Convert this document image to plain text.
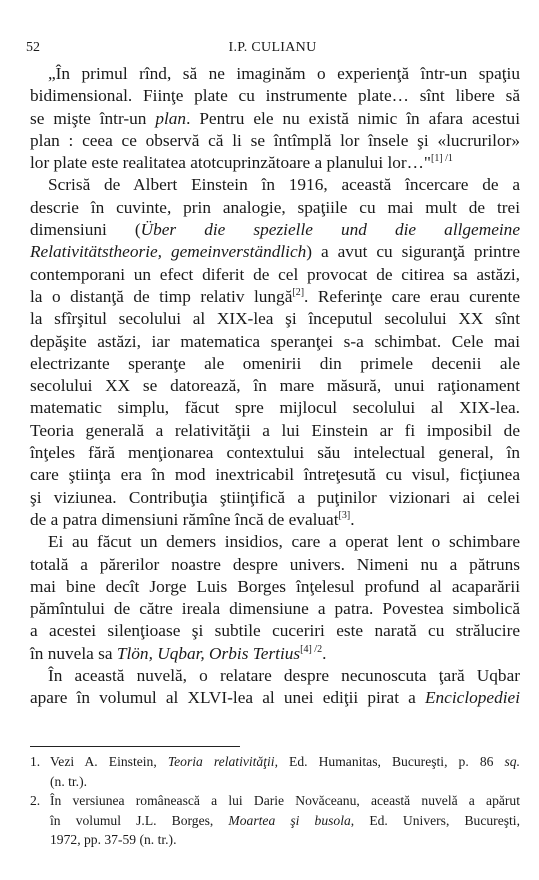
52	I.P. CULIANU
„În primul rînd, să ne imaginăm o experienţă într-un spaţiu
bidimensional. Fiinţe plate cu instrumente plate… sînt libere să
se mişte într-un plan. Pentru ele nu există nimic în afara acestui
plan : ceea ce observă că li se întîmplă lor însele şi «lucrurilor»
lor plate este realitatea atotcuprinzătoare a planului lor…"$^{[1] /1}$
Scrisă de Albert Einstein în 1916, această încercare de a
descrie în cuvinte, prin analogie, spaţiile cu mai mult de trei
dimensiuni (Über die spezielle und die allgemeine
Relativitätstheorie, gemeinverständlich) a avut cu siguranţă printre
contemporani un efect diferit de cel provocat de citirea sa astăzi,
la o distanţă de timp relativ lungă[2]. Referinţe care erau curente
la sfîrşitul secolului al XIX-lea şi începutul secolului XX sînt
depăşite astăzi, iar matematica speranţei s-a schimbat. Cele mai
electrizante speranţe ale omenirii din primele decenii ale
secolului XX se datorează, în mare măsură, unui raţionament
matematic simplu, făcut spre mijlocul secolului al XIX-lea.
Teoria generală a relativităţii a lui Einstein ar fi imposibil de
înţeles fără menţionarea contextului său intelectual general, în
care ştiinţa era în mod inextricabil întreţesută cu visul, ficţiunea
şi viziunea. Contribuţia ştiinţifică a puţinilor vizionari ai celei
de a patra dimensiuni rămîne încă de evaluat[3].
Ei au făcut un demers insidios, care a operat lent o schimbare
totală a părerilor noastre despre univers. Nimeni nu a pătruns
mai bine decît Jorge Luis Borges înţelesul profund al acaparării
pămîntului de către ireala dimensiune a patra. Povestea simbolică
a acestei silenţioase şi subtile cuceriri este narată cu strălucire
în nuvela sa Tlön, Uqbar, Orbis Tertius$^{[4] /2}$.
În această nuvelă, o relatare despre necunoscuta ţară Uqbar
apare în volumul al XLVI-lea al unei ediţii pirat a Enciclopediei
1. Vezi A. Einstein, Teoria relativităţii, Ed. Humanitas, Bucureşti, p. 86 sq.
(n. tr.).
2. În versiunea românească a lui Darie Novăceanu, această nuvelă a apărut
în volumul J.L. Borges, Moartea şi busola, Ed. Univers, Bucureşti,
1972, pp. 37-59 (n. tr.).
